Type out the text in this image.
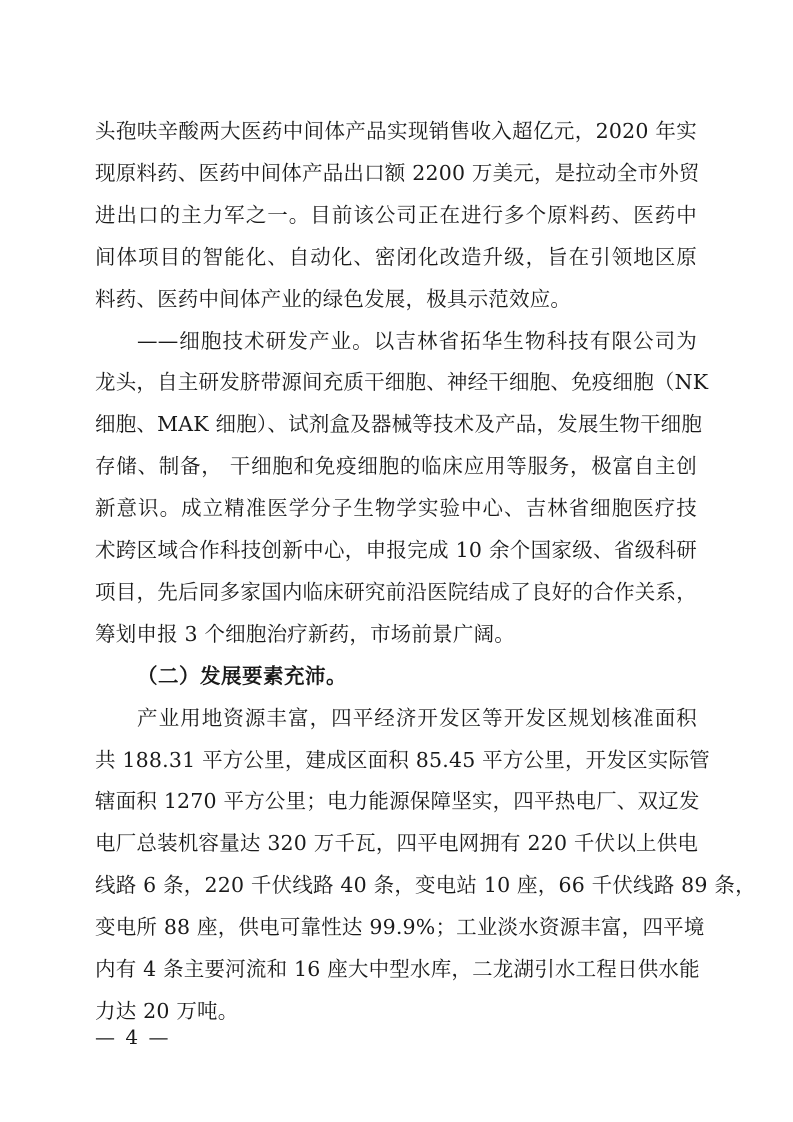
头孢呋辛酸两大医药中间体产品实现销售收入超亿元，2020 年实
现原料药、医药中间体产品出口额 2200 万美元，是拉动全市外贸
进出口的主力军之一。目前该公司正在进行多个原料药、医药中
间体项目的智能化、自动化、密闭化改造升级，旨在引领地区原
料药、医药中间体产业的绿色发展，极具示范效应。
——细胞技术研发产业。以吉林省拓华生物科技有限公司为
龙头，自主研发脐带源间充质干细胞、神经干细胞、免疫细胞（NK
细胞、MAK 细胞）、试剂盒及器械等技术及产品，发展生物干细胞
存储、制备， 干细胞和免疫细胞的临床应用等服务，极富自主创
新意识。成立精准医学分子生物学实验中心、吉林省细胞医疗技
术跨区域合作科技创新中心，申报完成 10 余个国家级、省级科研
项目，先后同多家国内临床研究前沿医院结成了良好的合作关系，
筹划申报 3 个细胞治疗新药，市场前景广阔。
（二）发展要素充沛。
产业用地资源丰富，四平经济开发区等开发区规划核准面积
共 188.31 平方公里，建成区面积 85.45 平方公里，开发区实际管
辖面积 1270 平方公里；电力能源保障坚实，四平热电厂、双辽发
电厂总装机容量达 320 万千瓦，四平电网拥有 220 千伏以上供电
线路 6 条，220 千伏线路 40 条，变电站 10 座，66 千伏线路 89 条，
变电所 88 座，供电可靠性达 99.9%；工业淡水资源丰富，四平境
内有 4 条主要河流和 16 座大中型水库，二龙湖引水工程日供水能
力达 20 万吨。
— 4 —
